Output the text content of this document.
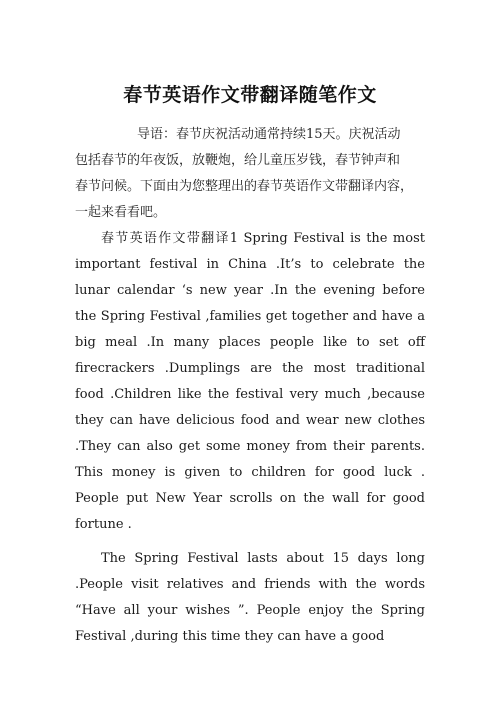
春节英语作文带翻译随笔作文
导语：春节庆祝活动通常持续15天。庆祝活动
包括春节的年夜饭，放鞭炮，给儿童压岁钱，春节钟声和
春节问候。下面由为您整理出的春节英语作文带翻译内容，
一起来看看吧。

春节英语作文带翻译1 Spring Festival is the most important festival in China .It’s to celebrate the lunar calendar ‘s new year .In the evening before the Spring Festival ,families get together and have a big meal .In many places people like to set off firecrackers .Dumplings are the most traditional food .Children like the festival very much ,because they can have delicious food and wear new clothes .They can also get some money from their parents. This money is given to children for good luck . People put New Year scrolls on the wall for good fortune .

The Spring Festival lasts about 15 days long .People visit relatives and friends with the words “Have all your wishes ”. People enjoy the Spring Festival ,during this time they can have a good
